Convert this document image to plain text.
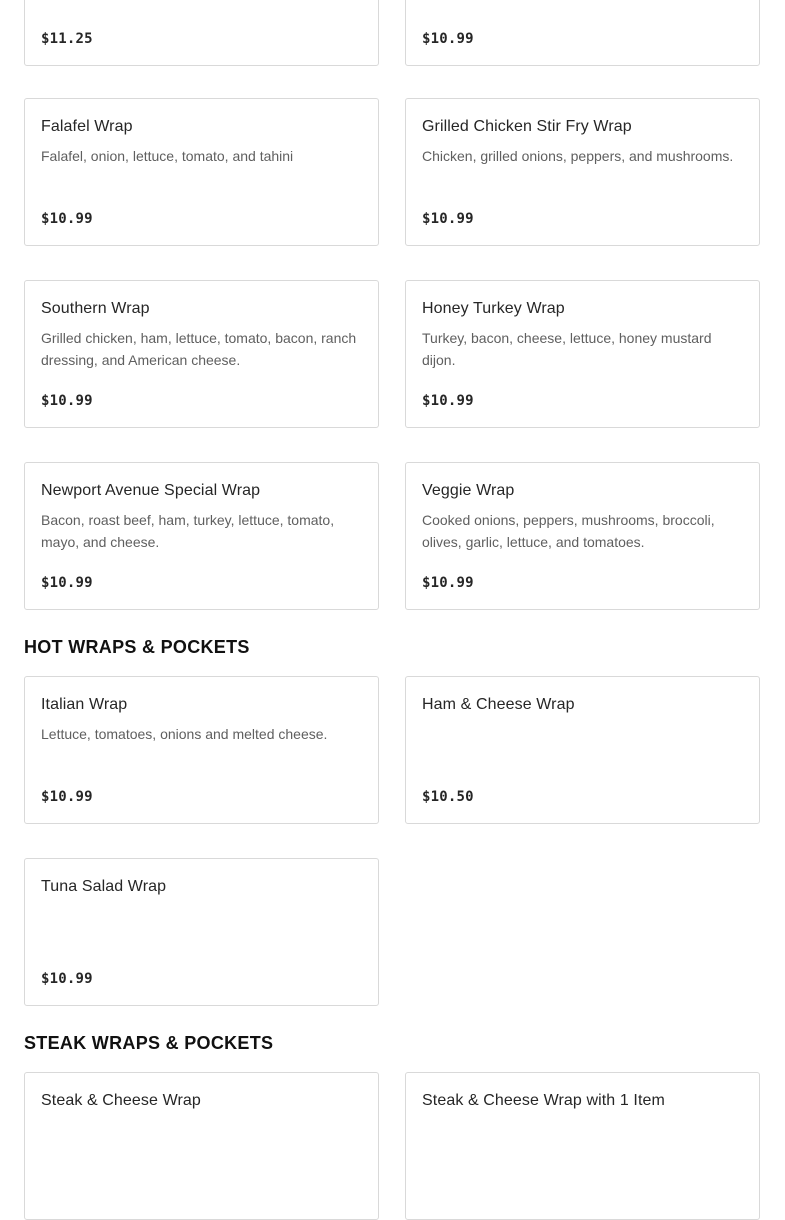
$11.25	$10.99
Falafel Wrap
Falafel, onion, lettuce, tomato, and tahini
$10.99
Grilled Chicken Stir Fry Wrap
Chicken, grilled onions, peppers, and mushrooms.
$10.99
Southern Wrap
Grilled chicken, ham, lettuce, tomato, bacon, ranch dressing, and American cheese.
$10.99
Honey Turkey Wrap
Turkey, bacon, cheese, lettuce, honey mustard dijon.
$10.99
Newport Avenue Special Wrap
Bacon, roast beef, ham, turkey, lettuce, tomato, mayo, and cheese.
$10.99
Veggie Wrap
Cooked onions, peppers, mushrooms, broccoli, olives, garlic, lettuce, and tomatoes.
$10.99
HOT WRAPS & POCKETS
Italian Wrap
Lettuce, tomatoes, onions and melted cheese.
$10.99
Ham & Cheese Wrap
$10.50
Tuna Salad Wrap
$10.99
STEAK WRAPS & POCKETS
Steak & Cheese Wrap	Steak & Cheese Wrap with 1 Item
